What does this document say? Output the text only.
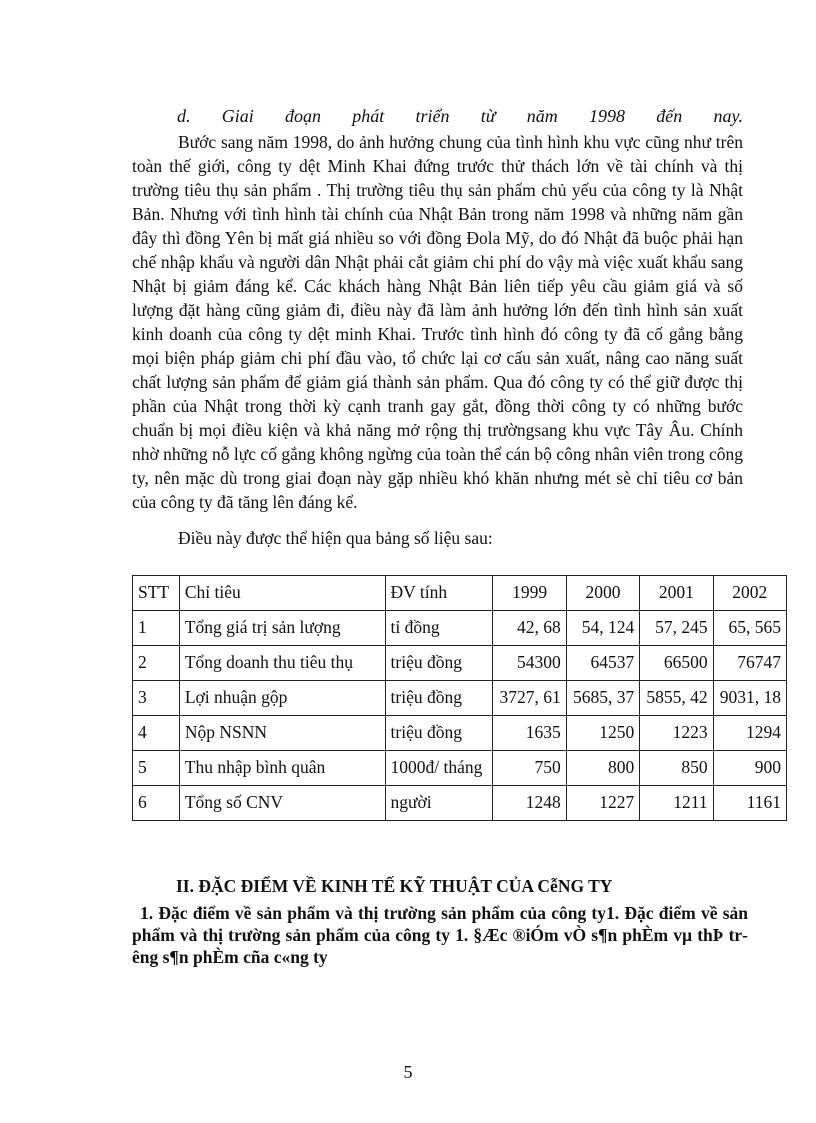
d. Giai đoạn phát triển từ năm 1998 đến nay.
Bước sang năm 1998, do ảnh hưởng chung của tình hình khu vực cũng như trên toàn thế giới, công ty dệt Minh Khai đứng trước thử thách lớn về tài chính và thị trường tiêu thụ sản phẩm . Thị trường tiêu thụ sản phẩm chủ yếu của công ty là Nhật Bản. Nhưng với tình hình tài chính của Nhật Bản trong năm 1998 và những năm gần đây thì đồng Yên bị mất giá nhiều so với đồng Đola Mỹ, do đó Nhật đã buộc phải hạn chế nhập khẩu và người dân Nhật phải cắt giảm chi phí do vậy mà việc xuất khẩu sang Nhật bị giảm đáng kể. Các khách hàng Nhật Bản liên tiếp yêu cầu giảm giá và số lượng đặt hàng cũng giảm đi, điều này đã làm ảnh hưởng lớn đến tình hình sản xuất kinh doanh của công ty dệt minh Khai. Trước tình hình đó công ty đã cố gắng bằng mọi biện pháp giảm chi phí đầu vào, tổ chức lại cơ cấu sản xuất, nâng cao năng suất chất lượng sản phẩm để giảm giá thành sản phẩm. Qua đó công ty có thể giữ được thị phần của Nhật trong thời kỳ cạnh tranh gay gắt, đồng thời công ty có những bước chuẩn bị mọi điều kiện và khả năng mở rộng thị trườngsang khu vực Tây Âu. Chính nhờ những nỗ lực cố gắng không ngừng của toàn thể cán bộ công nhân viên trong công ty, nên mặc dù trong giai đoạn này gặp nhiều khó khăn nhưng mét sè chỉ tiêu cơ bản của công ty đã tăng lên đáng kể.
Điều này được thể hiện qua bảng số liệu sau:
STT	Chỉ tiêu	ĐV tính	1999	2000	2001	2002
1	Tổng giá trị sản lượng	tỉ đồng	42, 68	54, 124	57, 245	65, 565
2	Tổng doanh thu tiêu thụ	triệu đồng	54300	64537	66500	76747
3	Lợi nhuận gộp	triệu đồng	3727, 61	5685, 37	5855, 42	9031, 18
4	Nộp NSNN	triệu đồng	1635	1250	1223	1294
5	Thu nhập bình quân	1000đ/ tháng	750	800	850	900
6	Tổng số CNV	người	1248	1227	1211	1161
II. ĐẶC ĐIỂM VỀ KINH TẾ KỸ THUẬT CỦA CễNG TY
1. Đặc điểm về sản phẩm và thị trường sản phẩm của công ty1. Đặc điểm về sản phẩm và thị trường sản phẩm của công ty 1. §Æc ®iÓm vÒ s¶n phÈm vµ thÞ trêng s¶n phÈm cña c«ng ty
5
